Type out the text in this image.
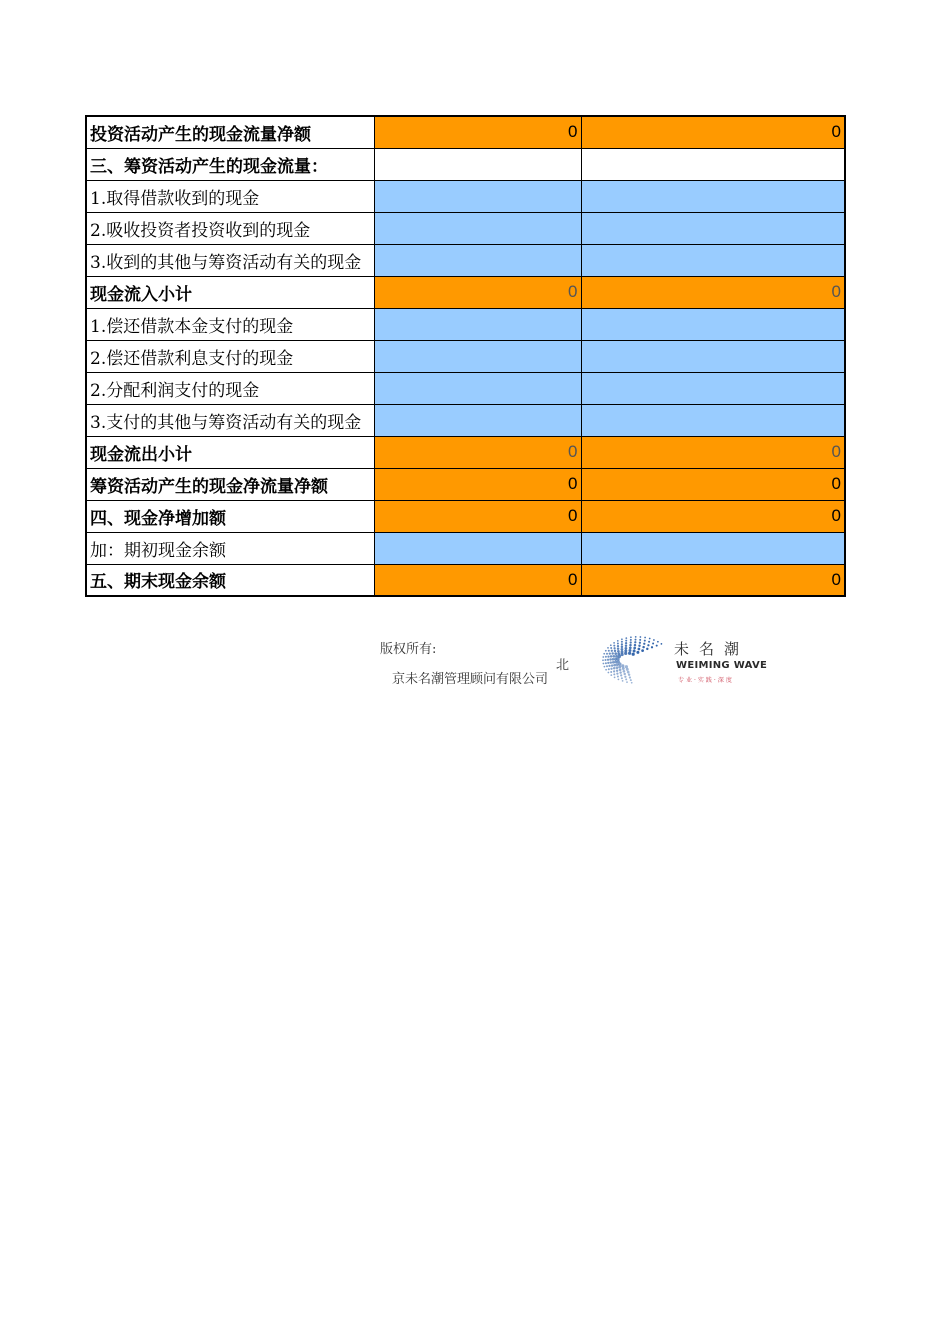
投资活动产生的现金流量净额	0	0
三、筹资活动产生的现金流量：		
1.取得借款收到的现金		
2.吸收投资者投资收到的现金		
3.收到的其他与筹资活动有关的现金		
现金流入小计	0	0
1.偿还借款本金支付的现金		
2.偿还借款利息支付的现金		
2.分配利润支付的现金		
3.支付的其他与筹资活动有关的现金		
现金流出小计	0	0
筹资活动产生的现金净流量净额	0	0
四、现金净增加额	0	0
加：期初现金余额		
五、期末现金余额	0	0
版权所有:
北
京未名潮管理顾问有限公司
未名潮
WEIMING WAVE
专业·实践·深度
